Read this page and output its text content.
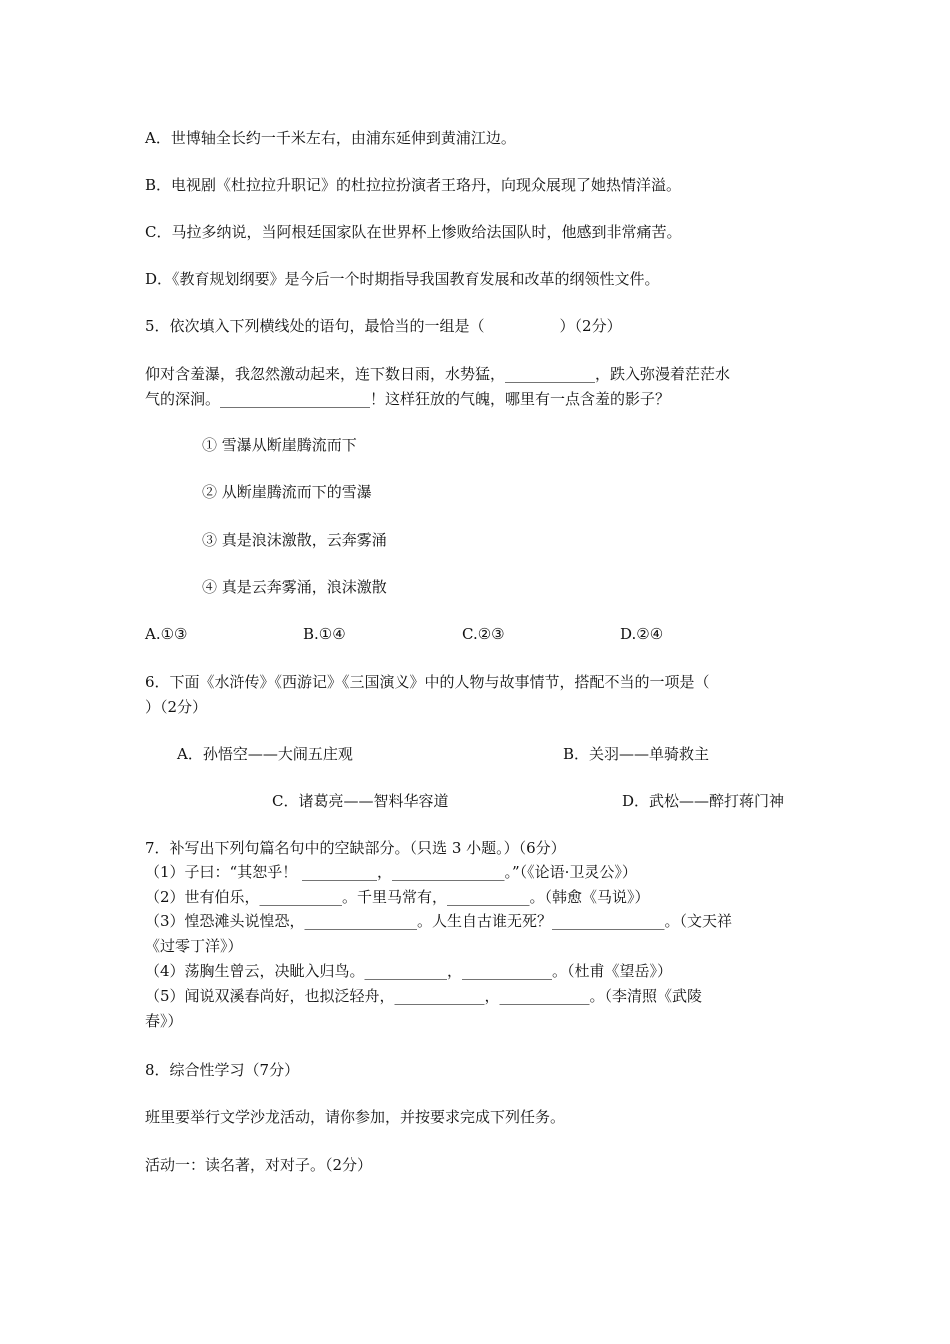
A．世博轴全长约一千米左右，由浦东延伸到黄浦江边。
B．电视剧《杜拉拉升职记》的杜拉拉扮演者王珞丹，向现众展现了她热情洋溢。
C．马拉多纳说，当阿根廷国家队在世界杯上惨败给法国队时，他感到非常痛苦。
D．《教育规划纲要》是今后一个时期指导我国教育发展和改革的纲领性文件。
5．依次填入下列横线处的语句，最恰当的一组是（　　　　　）（2分）
仰对含羞瀑，我忽然激动起来，连下数日雨，水势猛，____________，跌入弥漫着茫茫水
气的深涧。____________________！这样狂放的气魄，哪里有一点含羞的影子？
① 雪瀑从断崖腾流而下
② 从断崖腾流而下的雪瀑
③ 真是浪沫激散，云奔雾涌
④ 真是云奔雾涌，浪沫激散
A.①③	B.①④	C.②③	D.②④
6．下面《水浒传》《西游记》《三国演义》中的人物与故事情节，搭配不当的一项是（
）（2分）
A．孙悟空——大闹五庄观	B．关羽——单骑救主
C．诸葛亮——智料华容道	D．武松——醉打蒋门神
7．补写出下列句篇名句中的空缺部分。（只选 3 小题。）（6分）
（1）子曰：“其恕乎！ __________，_______________。”（《论语·卫灵公》）
（2）世有伯乐，___________。千里马常有，___________。（韩愈《马说》）
（3）惶恐滩头说惶恐，_______________。人生自古谁无死？_______________。（文天祥
《过零丁洋》）
（4）荡胸生曾云，决眦入归鸟。___________，____________。（杜甫《望岳》）
（5）闻说双溪春尚好，也拟泛轻舟，____________，____________。（李清照《武陵
春》）
8．综合性学习（7分）
班里要举行文学沙龙活动，请你参加，并按要求完成下列任务。
活动一：读名著，对对子。（2分）
